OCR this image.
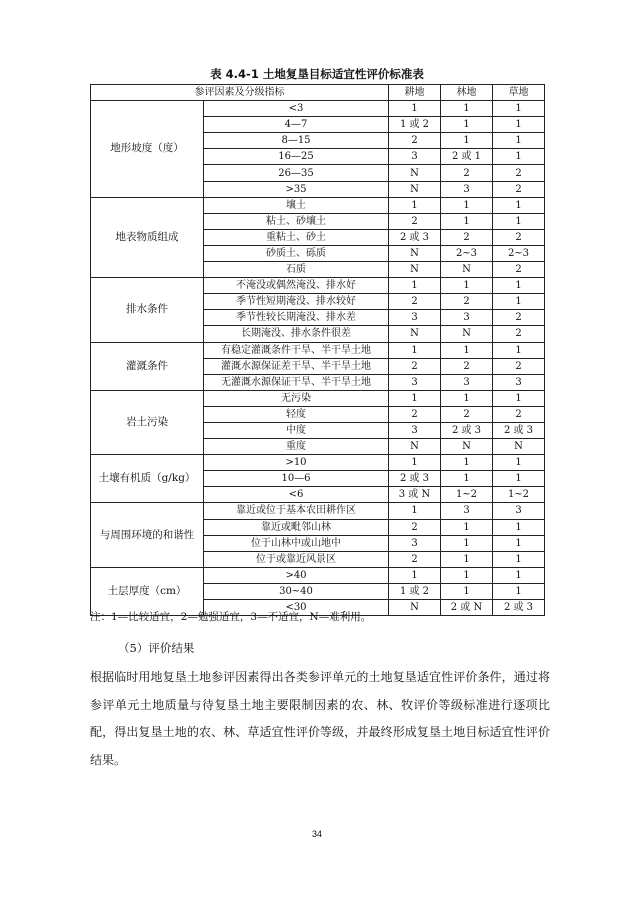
表 4.4-1 土地复垦目标适宜性评价标准表
参评因素及分级指标		耕地	林地	草地
地形坡度（度）	<3	1	1	1
	4—7	1 或 2	1	1
	8—15	2	1	1
	16—25	3	2 或 1	1
	26—35	N	2	2
	>35	N	3	2
地表物质组成	壤土	1	1	1
	粘土、砂壤土	2	1	1
	重粘土、砂土	2 或 3	2	2
	砂质土、砾质	N	2~3	2~3
	石质	N	N	2
排水条件	不淹没或偶然淹没、排水好	1	1	1
	季节性短期淹没、排水较好	2	2	1
	季节性较长期淹没、排水差	3	3	2
	长期淹没、排水条件很差	N	N	2
灌溉条件	有稳定灌溉条件干旱、半干旱土地	1	1	1
	灌溉水源保证差干旱、半干旱土地	2	2	2
	无灌溉水源保证干旱、半干旱土地	3	3	3
岩土污染	无污染	1	1	1
	轻度	2	2	2
	中度	3	2 或 3	2 或 3
	重度	N	N	N
土壤有机质（g/kg）	>10	1	1	1
	10—6	2 或 3	1	1
	<6	3 或 N	1~2	1~2
与周围环境的和谐性	靠近或位于基本农田耕作区	1	3	3
	靠近或毗邻山林	2	1	1
	位于山林中或山地中	3	1	1
	位于或靠近风景区	2	1	1
土层厚度（cm）	>40	1	1	1
	30~40	1 或 2	1	1
	<30	N	2 或 N	2 或 3
注：1—比较适宜，2—勉强适宜，3—不适宜，N—难利用。
（5）评价结果
根据临时用地复垦土地参评因素得出各类参评单元的土地复垦适宜性评价条件，通过将参评单元土地质量与待复垦土地主要限制因素的农、林、牧评价等级标准进行逐项比配，得出复垦土地的农、林、草适宜性评价等级，并最终形成复垦土地目标适宜性评价结果。
34
